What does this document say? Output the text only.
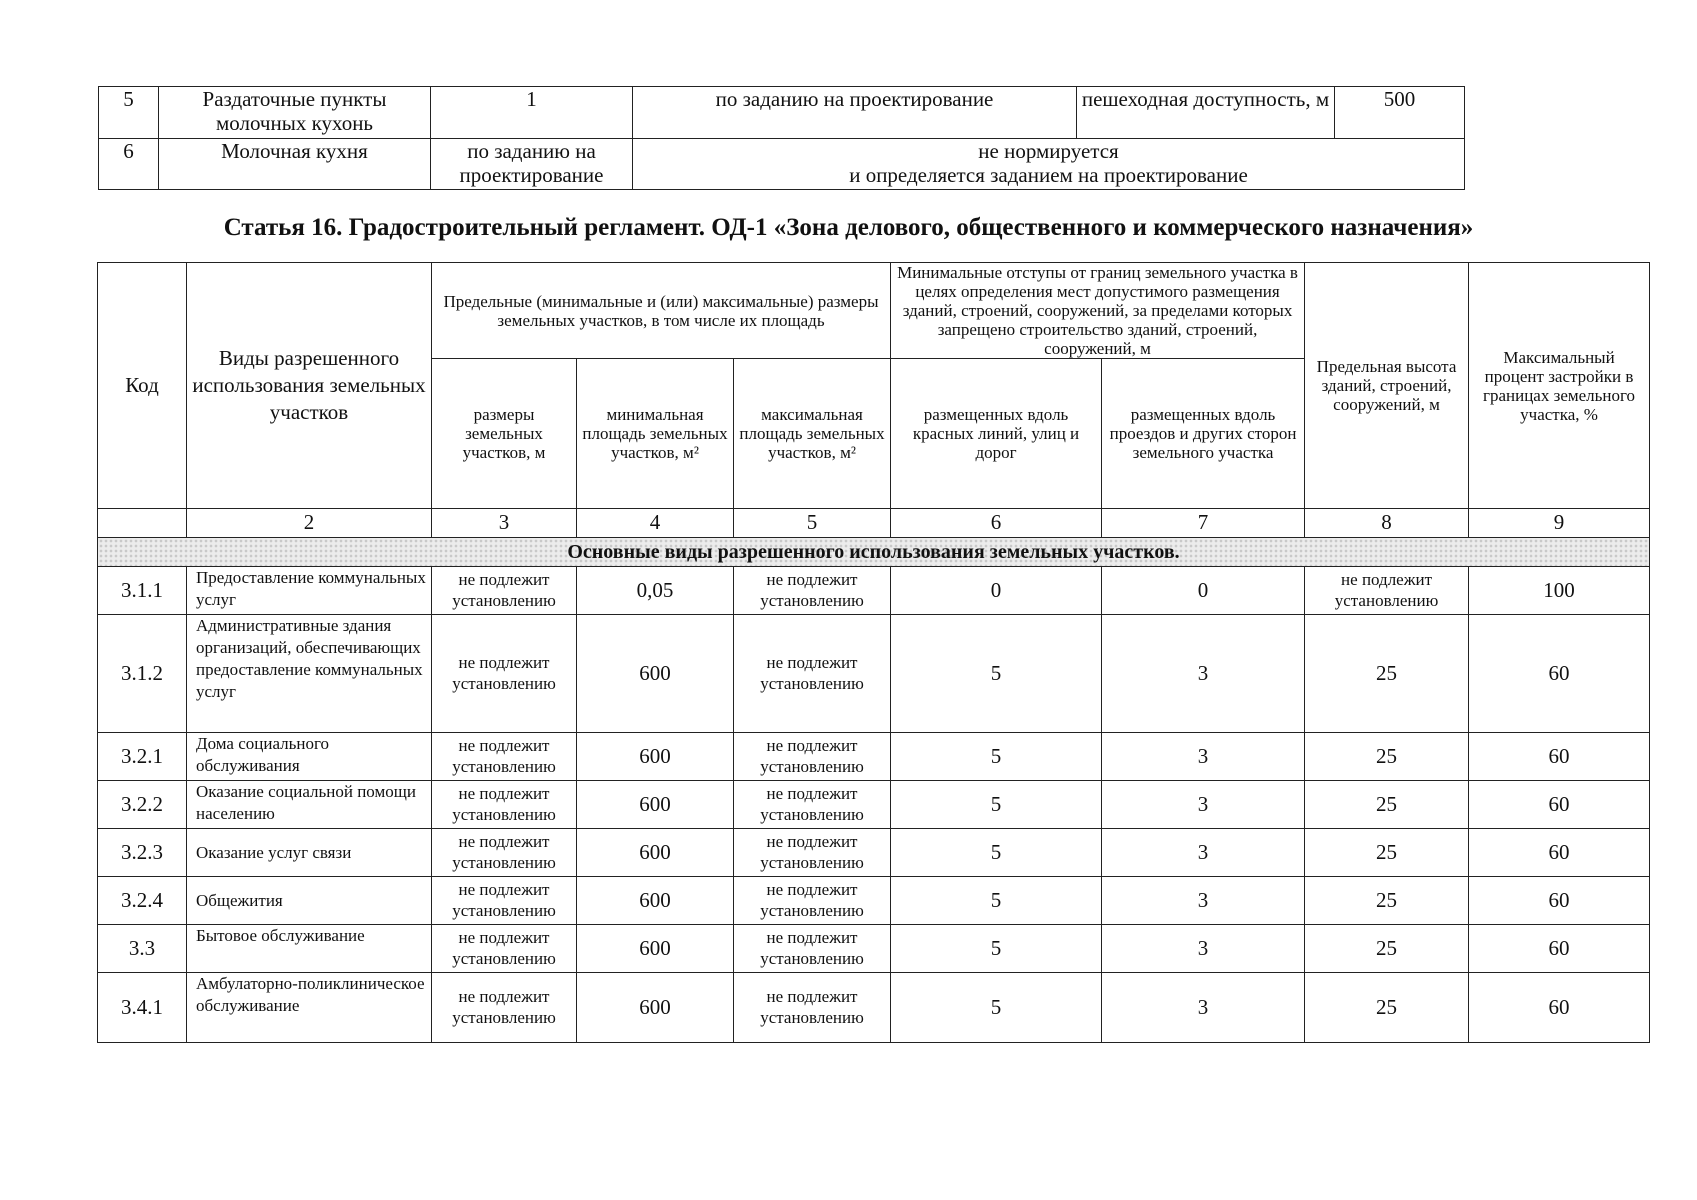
5	Раздаточные пункты молочных кухонь	1	по заданию на проектирование	пешеходная доступность, м	500
6	Молочная кухня	по заданию на проектирование	не нормируется
и определяется заданием на проектирование		
Статья 16. Градостроительный регламент. ОД-1 «Зона делового, общественного и коммерческого назначения»
Код	Виды разрешенного использования земельных участков	Предельные (минимальные и (или) максимальные) размеры земельных участков, в том числе их площадь			Минимальные отступы от границ земельного участка в целях определения мест допустимого размещения зданий, строений, сооружений, за пределами которых запрещено строительство зданий, строений, сооружений, м		Предельная высота зданий, строений, сооружений, м	Максимальный процент застройки в границах земельного участка, %
		размеры земельных участков, м	минимальная площадь земельных участков, м²	максимальная площадь земельных участков, м²	размещенных вдоль красных линий, улиц и дорог	размещенных вдоль проездов и других сторон земельного участка		
	2	3	4	5	6	7	8	9
Основные виды разрешенного использования земельных участков.								
3.1.1	Предоставление коммунальных услуг	не подлежит установлению	0,05	не подлежит установлению	0	0	не подлежит установлению	100
3.1.2	Административные здания организаций, обеспечивающих предоставление коммунальных услуг	не подлежит установлению	600	не подлежит установлению	5	3	25	60
3.2.1	Дома социального обслуживания	не подлежит установлению	600	не подлежит установлению	5	3	25	60
3.2.2	Оказание социальной помощи населению	не подлежит установлению	600	не подлежит установлению	5	3	25	60
3.2.3	Оказание услуг связи	не подлежит установлению	600	не подлежит установлению	5	3	25	60
3.2.4	Общежития	не подлежит установлению	600	не подлежит установлению	5	3	25	60
3.3	Бытовое обслуживание	не подлежит установлению	600	не подлежит установлению	5	3	25	60
3.4.1	Амбулаторно-поликлиническое обслуживание	не подлежит установлению	600	не подлежит установлению	5	3	25	60
